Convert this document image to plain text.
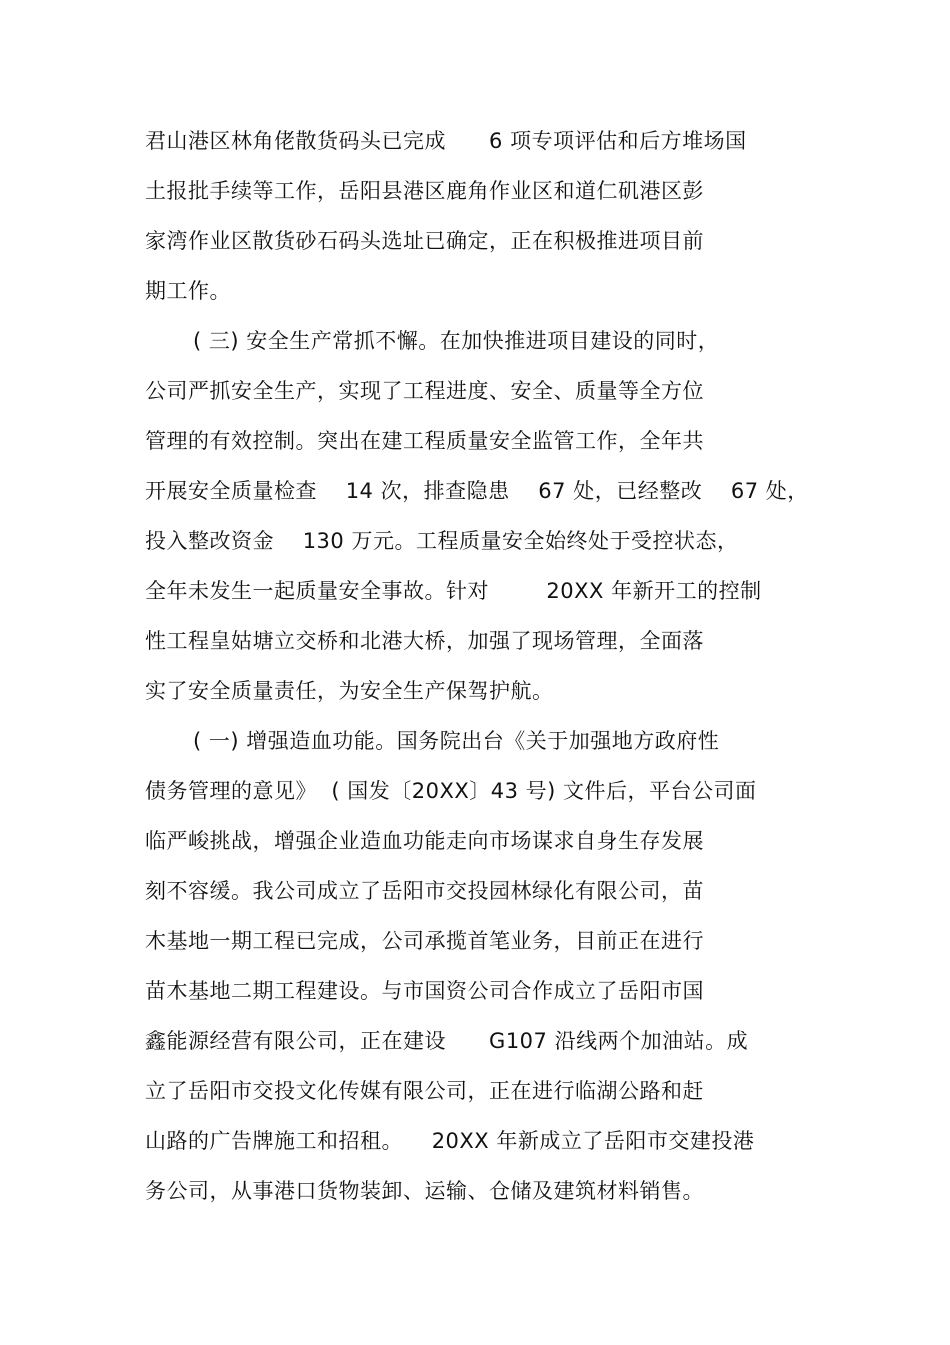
君山港区林角佬散货码头已完成      6 项专项评估和后方堆场国

土报批手续等工作，岳阳县港区鹿角作业区和道仁矶港区彭

家湾作业区散货砂石码头选址已确定，正在积极推进项目前

期工作。

( 三) 安全生产常抓不懈。在加快推进项目建设的同时，

公司严抓安全生产，实现了工程进度、安全、质量等全方位

管理的有效控制。突出在建工程质量安全监管工作，全年共

开展安全质量检查    14 次，排查隐患    67 处，已经整改    67 处，

投入整改资金    130 万元。工程质量安全始终处于受控状态，

全年未发生一起质量安全事故。针对        20XX 年新开工的控制

性工程皇姑塘立交桥和北港大桥，加强了现场管理，全面落

实了安全质量责任，为安全生产保驾护航。

( 一) 增强造血功能。国务院出台《关于加强地方政府性

债务管理的意见》  ( 国发〔20XX〕43 号) 文件后，平台公司面

临严峻挑战，增强企业造血功能走向市场谋求自身生存发展

刻不容缓。我公司成立了岳阳市交投园林绿化有限公司，苗

木基地一期工程已完成，公司承揽首笔业务，目前正在进行

苗木基地二期工程建设。与市国资公司合作成立了岳阳市国

鑫能源经营有限公司，正在建设      G107 沿线两个加油站。成

立了岳阳市交投文化传媒有限公司，正在进行临湖公路和赶

山路的广告牌施工和招租。    20XX 年新成立了岳阳市交建投港

务公司，从事港口货物装卸、运输、仓储及建筑材料销售。
